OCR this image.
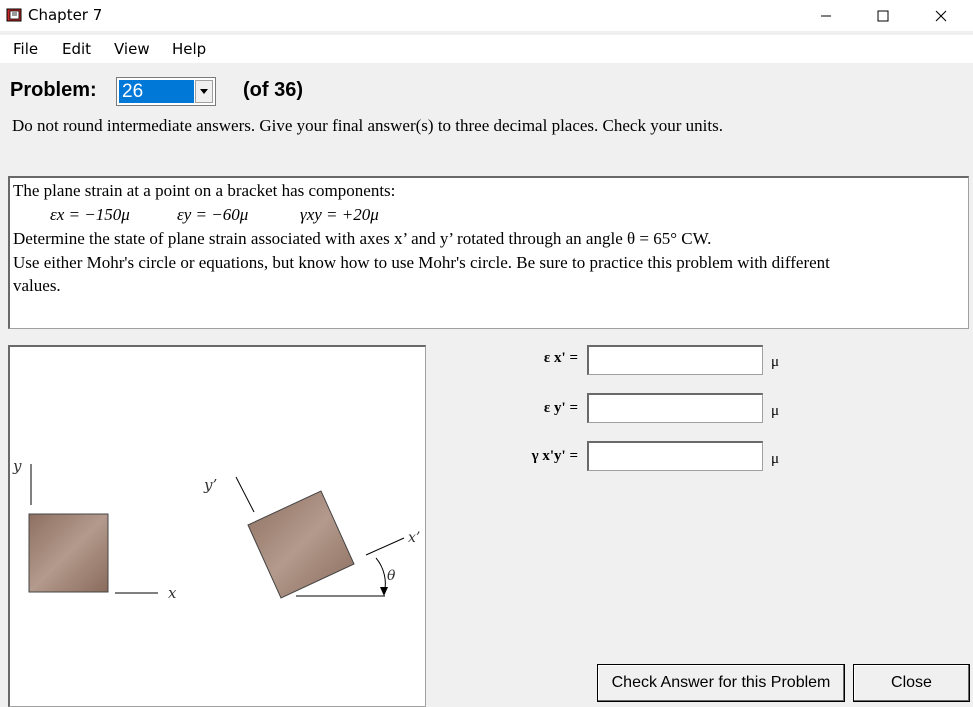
Chapter 7
File Edit View Help
Problem: 26	(of 36)
Do not round intermediate answers. Give your final answer(s) to three decimal places. Check your units.
The plane strain at a point on a bracket has components:
εx = −150μ	εy = −60μ	γxy = +20μ
Determine the state of plane strain associated with axes x’ and y’ rotated through an angle θ = 65° CW.
Use either Mohr's circle or equations, but know how to use Mohr's circle. Be sure to practice this problem with different
values.
y
x
y’
x’
θ
ε x' =	μ
ε y' =	μ
γ x'y' =	μ
Check Answer for this Problem	Close
